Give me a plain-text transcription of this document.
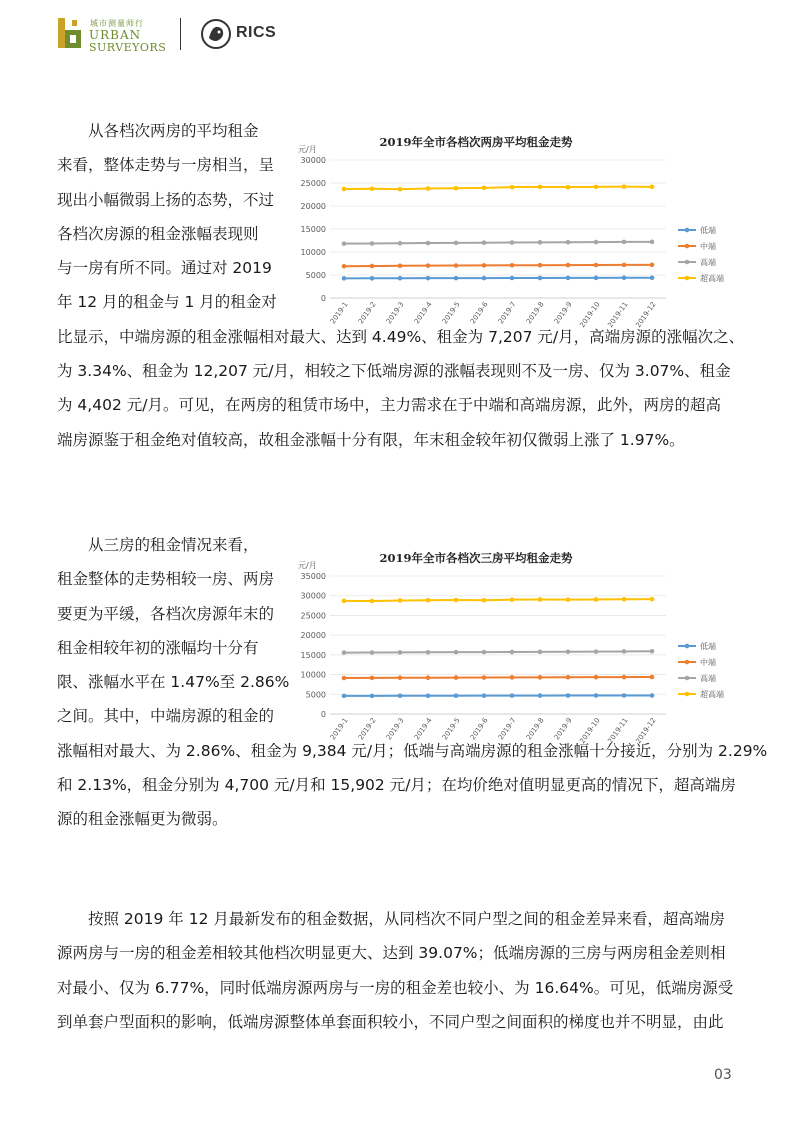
城市测量师行
URBAN
SURVEYORS
RICS
从各档次两房的平均租金
来看，整体走势与一房相当，呈
现出小幅微弱上扬的态势，不过
各档次房源的租金涨幅表现则
与一房有所不同。通过对 2019
年 12 月的租金与 1 月的租金对
比显示，中端房源的租金涨幅相对最大、达到 4.49%、租金为 7,207 元/月，高端房源的涨幅次之、
为 3.34%、租金为 12,207 元/月，相较之下低端房源的涨幅表现则不及一房、仅为 3.07%、租金
为 4,402 元/月。可见，在两房的租赁市场中，主力需求在于中端和高端房源，此外，两房的超高
端房源鉴于租金绝对值较高，故租金涨幅十分有限，年末租金较年初仅微弱上涨了 1.97%。
从三房的租金情况来看，
租金整体的走势相较一房、两房
要更为平缓，各档次房源年末的
租金相较年初的涨幅均十分有
限、涨幅水平在 1.47%至 2.86%
之间。其中，中端房源的租金的
涨幅相对最大、为 2.86%、租金为 9,384 元/月；低端与高端房源的租金涨幅十分接近，分别为 2.29%
和 2.13%，租金分别为 4,700 元/月和 15,902 元/月；在均价绝对值明显更高的情况下，超高端房
源的租金涨幅更为微弱。
按照 2019 年 12 月最新发布的租金数据，从同档次不同户型之间的租金差异来看，超高端房
源两房与一房的租金差相较其他档次明显更大、达到 39.07%；低端房源的三房与两房租金差则相
对最小、仅为 6.77%，同时低端房源两房与一房的租金差也较小、为 16.64%。可见，低端房源受
到单套户型面积的影响，低端房源整体单套面积较小，不同户型之间面积的梯度也并不明显，由此
2019年全市各档次两房平均租金走势
元/月
0
5000
10000
15000
20000
25000
30000
2019-1 2019-2 2019-3 2019-4 2019-5 2019-6 2019-7 2019-8 2019-9 2019-10 2019-11 2019-12
低端
中端
高端
超高端
2019年全市各档次三房平均租金走势
元/月
0
5000
10000
15000
20000
25000
30000
35000
2019-1 2019-2 2019-3 2019-4 2019-5 2019-6 2019-7 2019-8 2019-9 2019-10 2019-11 2019-12
低端
中端
高端
超高端
03
